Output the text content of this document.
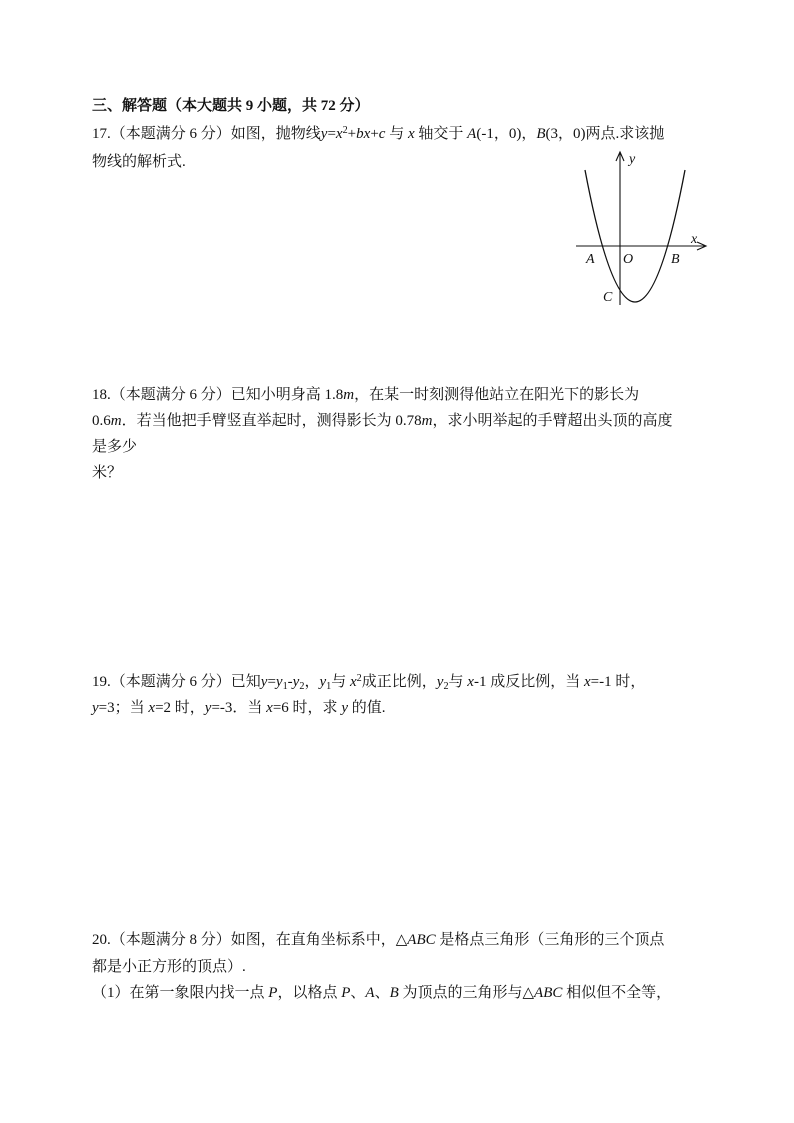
三、解答题（本大题共 9 小题，共 72 分）
17.（本题满分 6 分）如图，抛物线$y=x^2+bx+c$ 与 x 轴交于 A(-1，0)，B(3，0)两点.求该抛
物线的解析式.	y
x
A O	B
C
18.（本题满分 6 分）已知小明身高 1.8m，在某一时刻测得他站立在阳光下的影长为
0.6m．若当他把手臂竖直举起时，测得影长为 0.78m，求小明举起的手臂超出头顶的高度
是多少
米？
19.（本题满分 6 分）已知$y=y_1-y_2$，$y_1$与 $x^2$成正比例，$y_2$与 x-1 成反比例，当 x=-1 时，
y=3；当 x=2 时，y=-3．当 x=6 时，求 y 的值.
20.（本题满分 8 分）如图，在直角坐标系中，△ABC 是格点三角形（三角形的三个顶点
都是小正方形的顶点）.
（1）在第一象限内找一点 P，以格点 P、A、B 为顶点的三角形与△ABC 相似但不全等，
